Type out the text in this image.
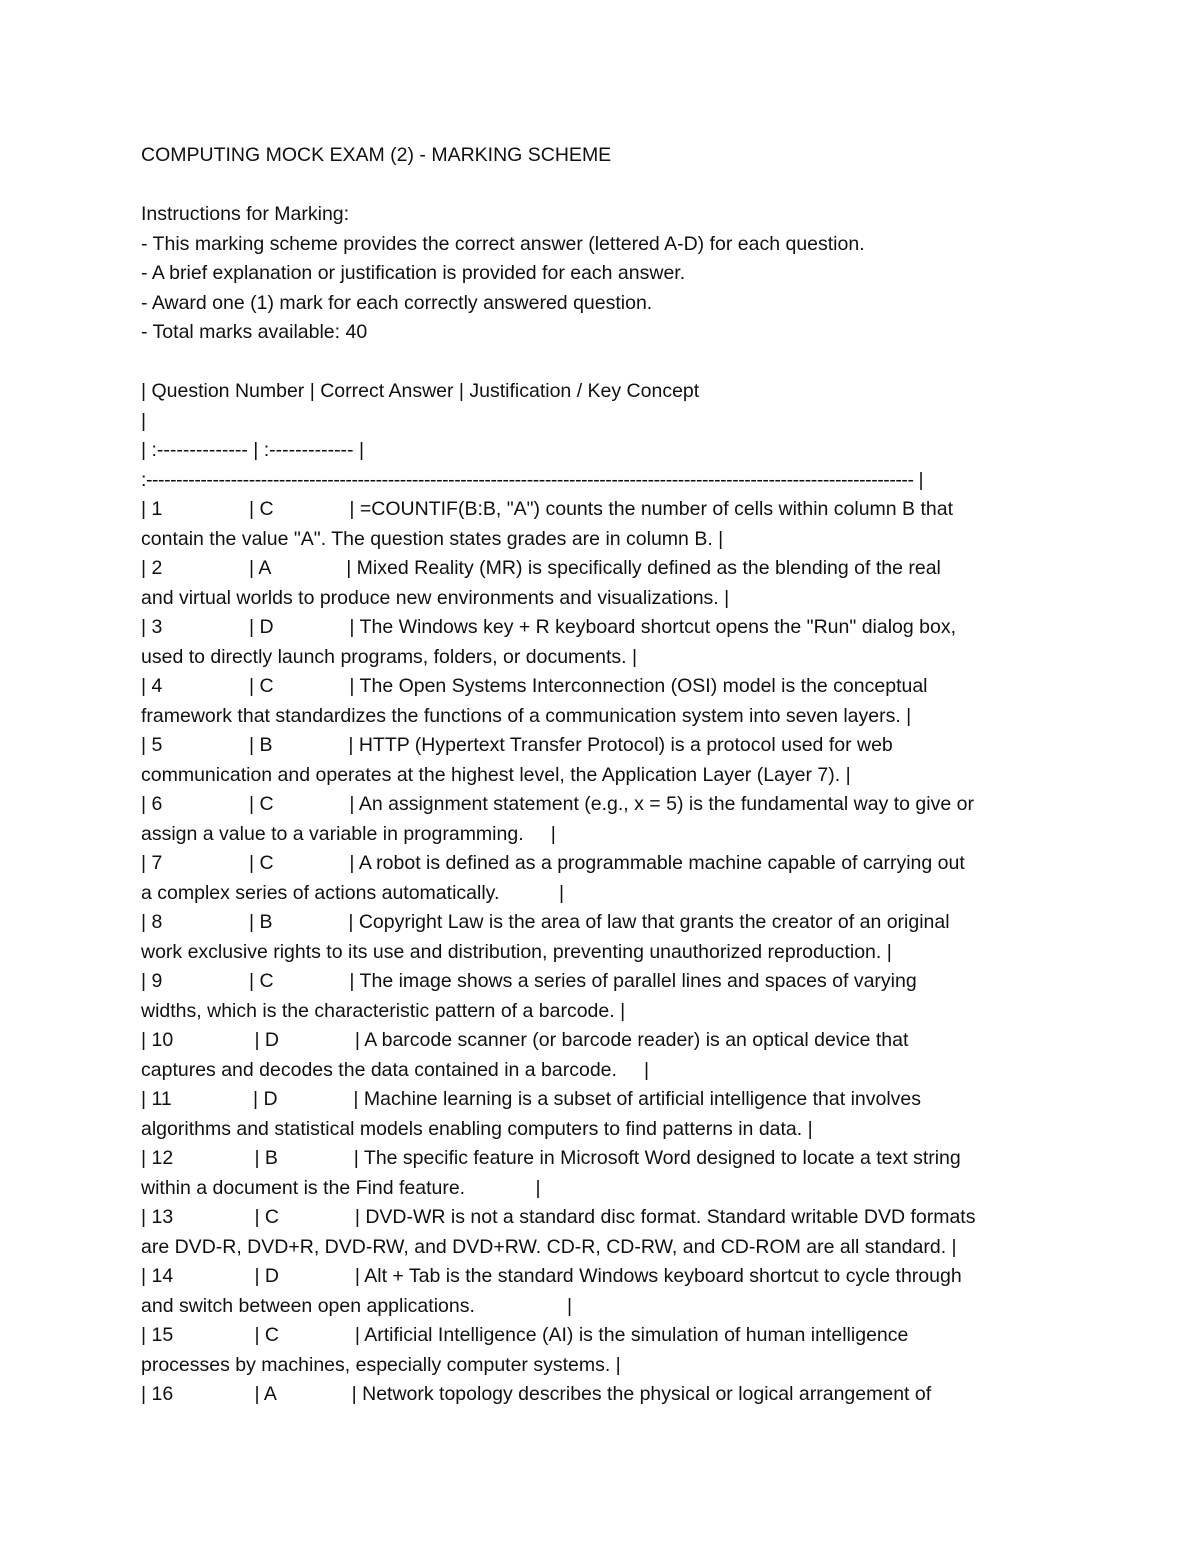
COMPUTING MOCK EXAM (2) - MARKING SCHEME
Instructions for Marking:
- This marking scheme provides the correct answer (lettered A-D) for each question.
- A brief explanation or justification is provided for each answer.
- Award one (1) mark for each correctly answered question.
- Total marks available: 40
| Question Number | Correct Answer | Justification / Key Concept
|
| :-------------- | :------------- |
:------------------------------------------------------------------------------------------------------------------------------- |
| 1                | C              | =COUNTIF(B:B, "A") counts the number of cells within column B that
contain the value "A". The question states grades are in column B. |
| 2                | A              | Mixed Reality (MR) is specifically defined as the blending of the real
and virtual worlds to produce new environments and visualizations. |
| 3                | D              | The Windows key + R keyboard shortcut opens the "Run" dialog box,
used to directly launch programs, folders, or documents. |
| 4                | C              | The Open Systems Interconnection (OSI) model is the conceptual
framework that standardizes the functions of a communication system into seven layers. |
| 5                | B              | HTTP (Hypertext Transfer Protocol) is a protocol used for web
communication and operates at the highest level, the Application Layer (Layer 7). |
| 6                | C              | An assignment statement (e.g., x = 5) is the fundamental way to give or
assign a value to a variable in programming.     |
| 7                | C              | A robot is defined as a programmable machine capable of carrying out
a complex series of actions automatically.           |
| 8                | B              | Copyright Law is the area of law that grants the creator of an original
work exclusive rights to its use and distribution, preventing unauthorized reproduction. |
| 9                | C              | The image shows a series of parallel lines and spaces of varying
widths, which is the characteristic pattern of a barcode. |
| 10               | D              | A barcode scanner (or barcode reader) is an optical device that
captures and decodes the data contained in a barcode.     |
| 11               | D              | Machine learning is a subset of artificial intelligence that involves
algorithms and statistical models enabling computers to find patterns in data. |
| 12               | B              | The specific feature in Microsoft Word designed to locate a text string
within a document is the Find feature.             |
| 13               | C              | DVD-WR is not a standard disc format. Standard writable DVD formats
are DVD-R, DVD+R, DVD-RW, and DVD+RW. CD-R, CD-RW, and CD-ROM are all standard. |
| 14               | D              | Alt + Tab is the standard Windows keyboard shortcut to cycle through
and switch between open applications.                 |
| 15               | C              | Artificial Intelligence (AI) is the simulation of human intelligence
processes by machines, especially computer systems. |
| 16               | A              | Network topology describes the physical or logical arrangement of
